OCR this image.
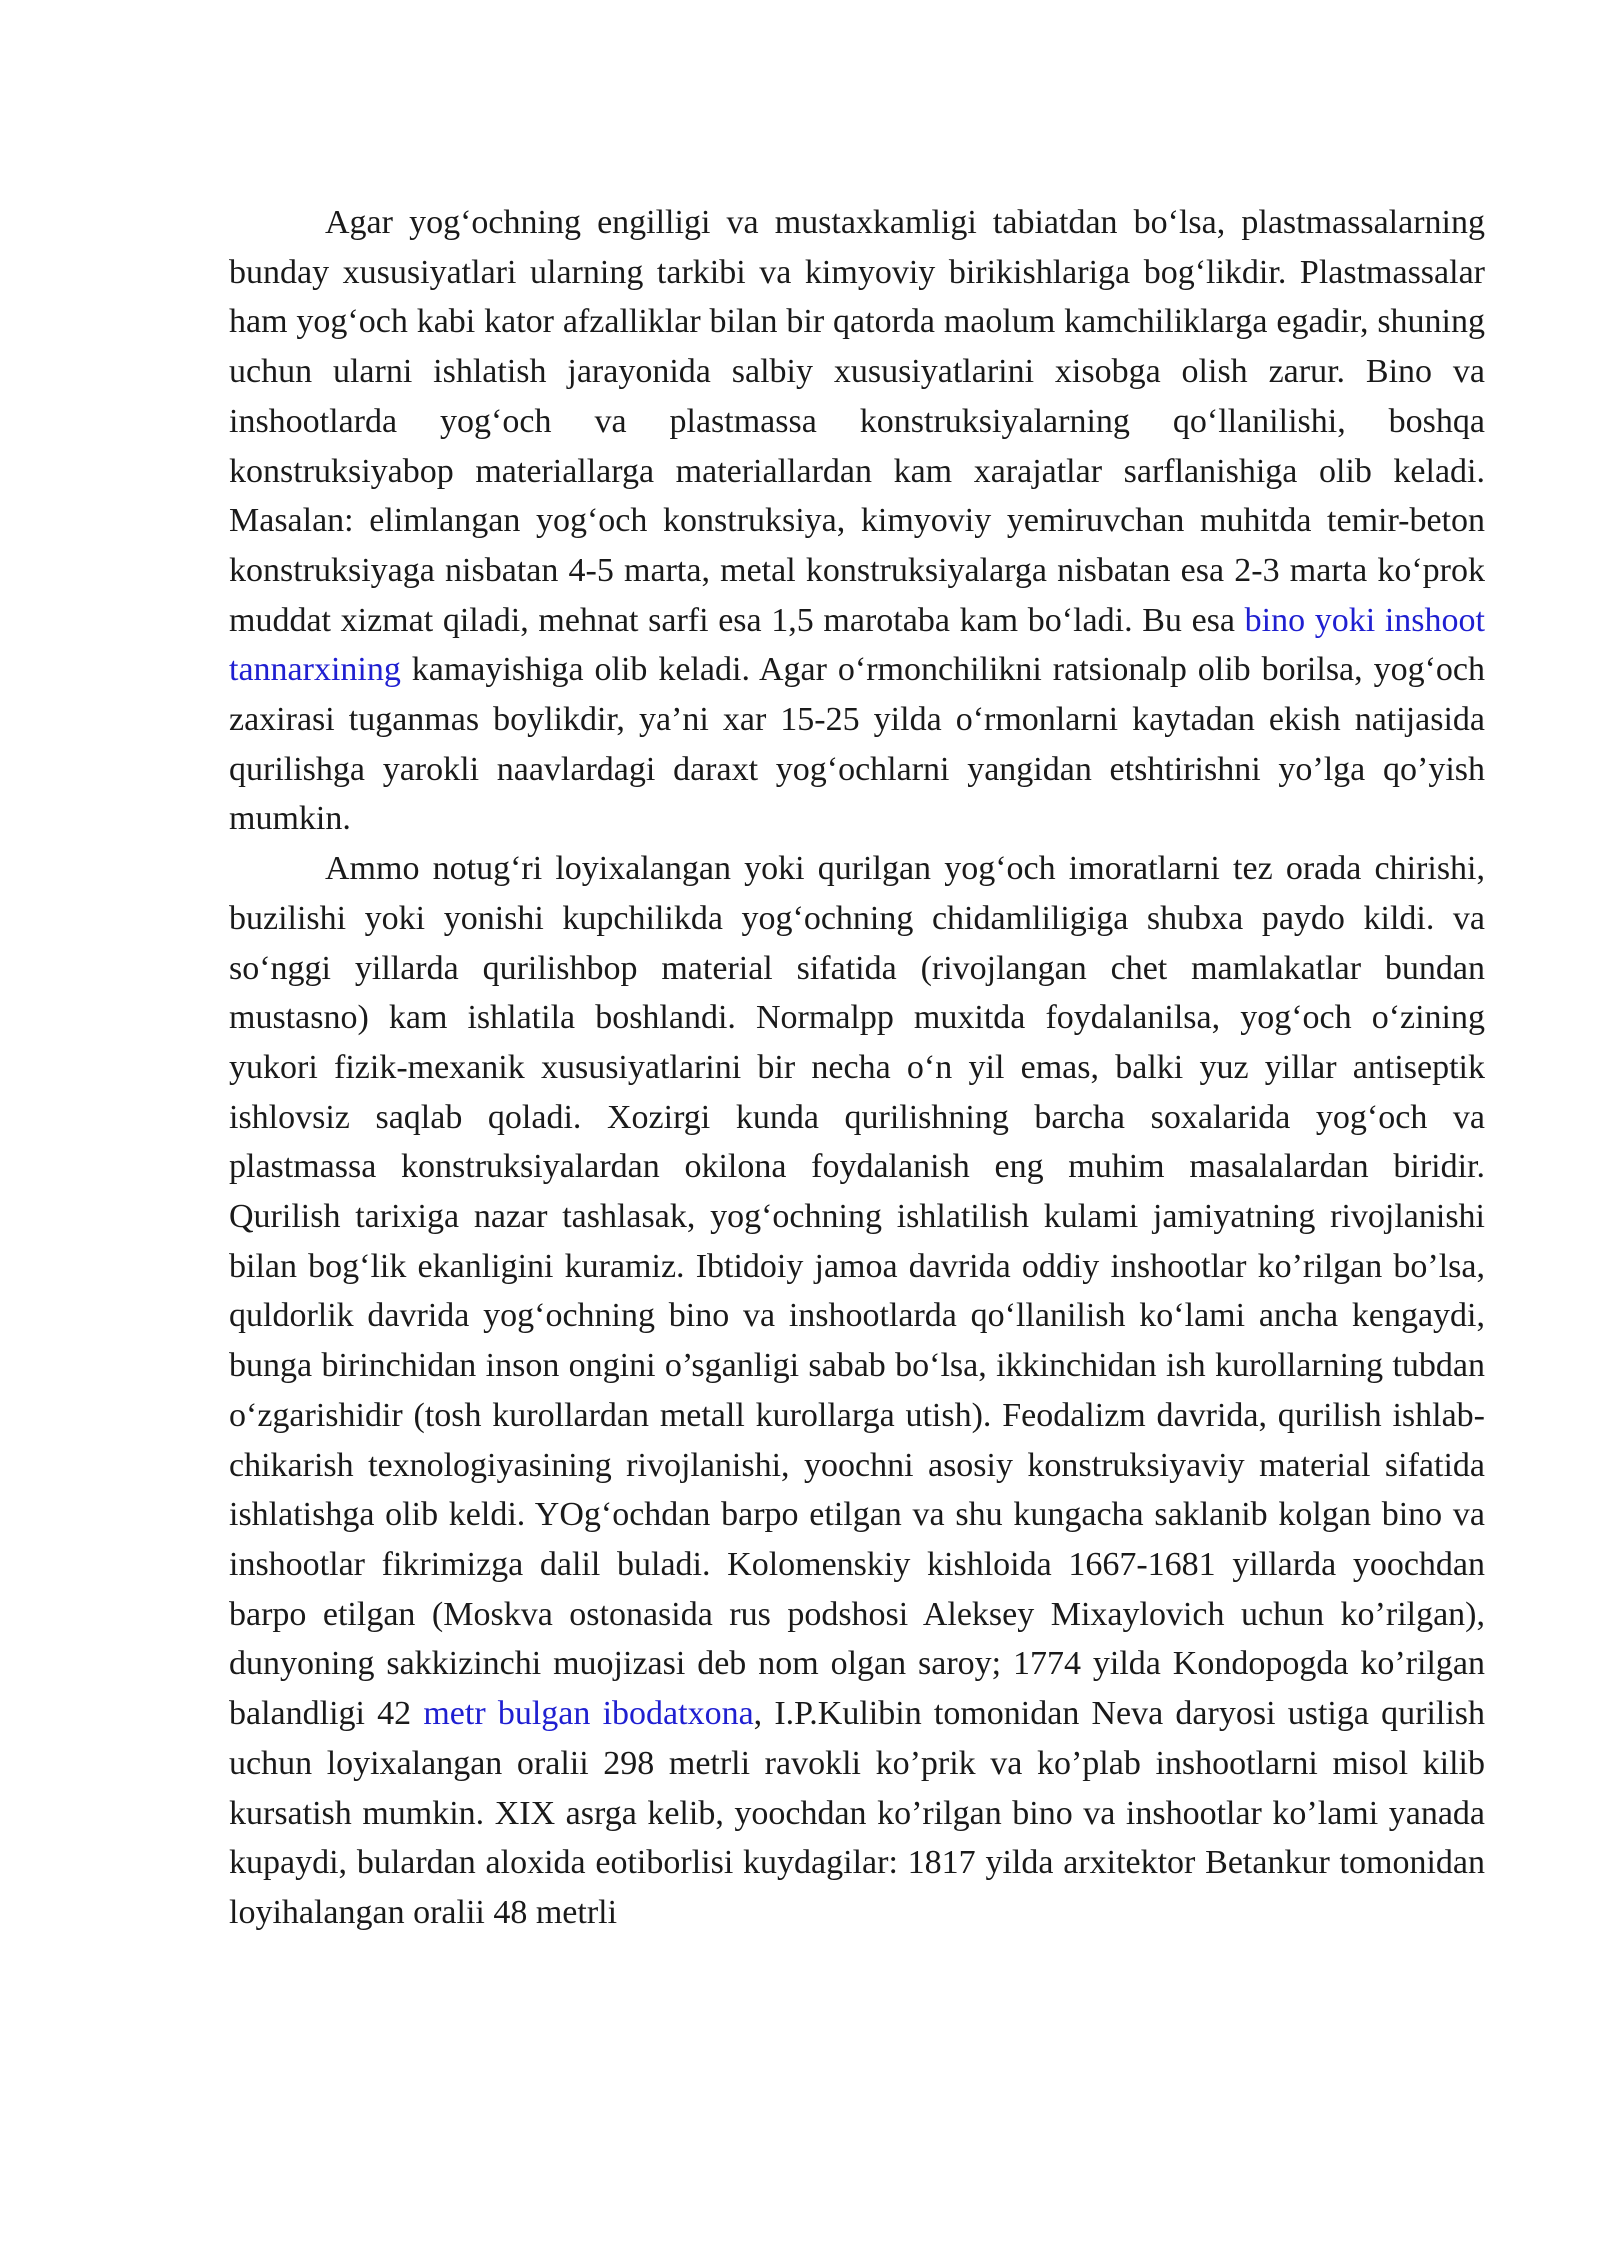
Agar yog‘ochning engilligi va mustaxkamligi tabiatdan bo‘lsa, plastmassalarning bunday xususiyatlari ularning tarkibi va kimyoviy birikishlariga bog‘likdir. Plastmassalar ham yog‘och kabi kator afzalliklar bilan bir qatorda maolum kamchiliklarga egadir, shuning uchun ularni ishlatish jarayonida salbiy xususiyatlarini xisobga olish zarur. Bino va inshootlarda yog‘och va plastmassa konstruksiyalarning qo‘llanilishi, boshqa konstruksiyabop materiallarga materiallardan kam xarajatlar sarflanishiga olib keladi. Masalan: elimlangan yog‘och konstruksiya, kimyoviy yemiruvchan muhitda temir-beton konstruksiyaga nisbatan 4-5 marta, metal konstruksiyalarga nisbatan esa 2-3 marta ko‘prok muddat xizmat qiladi, mehnat sarfi esa 1,5 marotaba kam bo‘ladi. Bu esa bino yoki inshoot tannarxining kamayishiga olib keladi. Agar o‘rmonchilikni ratsionalp olib borilsa, yog‘och zaxirasi tuganmas boylikdir, ya’ni xar 15-25 yilda o‘rmonlarni kaytadan ekish natijasida qurilishga yarokli naavlardagi daraxt yog‘ochlarni yangidan etshtirishni yo’lga qo’yish mumkin.

Ammo notug‘ri loyixalangan yoki qurilgan yog‘och imoratlarni tez orada chirishi, buzilishi yoki yonishi kupchilikda yog‘ochning chidamliligiga shubxa paydo kildi. va so‘nggi yillarda qurilishbop material sifatida (rivojlangan chet mamlakatlar bundan mustasno) kam ishlatila boshlandi. Normalpp muxitda foydalanilsa, yog‘och o‘zining yukori fizik-mexanik xususiyatlarini bir necha o‘n yil emas, balki yuz yillar antiseptik ishlovsiz saqlab qoladi. Xozirgi kunda qurilishning barcha soxalarida yog‘och va plastmassa konstruksiyalardan okilona foydalanish eng muhim masalalardan biridir. Qurilish tarixiga nazar tashlasak, yog‘ochning ishlatilish kulami jamiyatning rivojlanishi bilan bog‘lik ekanligini kuramiz. Ibtidoiy jamoa davrida oddiy inshootlar ko’rilgan bo’lsa, quldorlik davrida yog‘ochning bino va inshootlarda qo‘llanilish ko‘lami ancha kengaydi, bunga birinchidan inson ongini o’sganligi sabab bo‘lsa, ikkinchidan ish kurollarning tubdan o‘zgarishidir (tosh kurollardan metall kurollarga utish). Feodalizm davrida, qurilish ishlab-chikarish texnologiyasining rivojlanishi, yoochni asosiy konstruksiyaviy material sifatida ishlatishga olib keldi. YOg‘ochdan barpo etilgan va shu kungacha saklanib kolgan bino va inshootlar fikrimizga dalil buladi. Kolomenskiy kishloida 1667-1681 yillarda yoochdan barpo etilgan (Moskva ostonasida rus podshosi Aleksey Mixaylovich uchun ko’rilgan), dunyoning sakkizinchi muojizasi deb nom olgan saroy; 1774 yilda Kondopogda ko’rilgan balandligi 42 metr bulgan ibodatxona, I.P.Kulibin tomonidan Neva daryosi ustiga qurilish uchun loyixalangan oralii 298 metrli ravokli ko’prik va ko’plab inshootlarni misol kilib kursatish mumkin. XIX asrga kelib, yoochdan ko’rilgan bino va inshootlar ko’lami yanada kupaydi, bulardan aloxida eotiborlisi kuydagilar: 1817 yilda arxitektor Betankur tomonidan loyihalangan oralii 48 metrli
